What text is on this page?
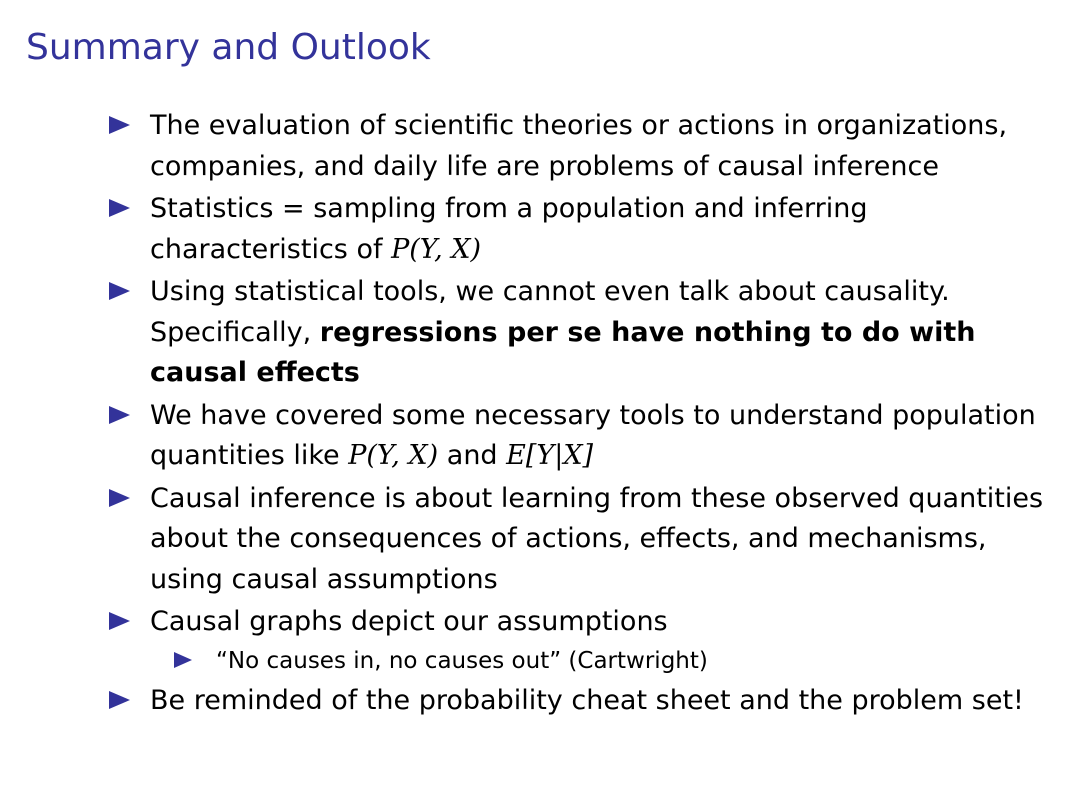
Summary and Outlook
The evaluation of scientific theories or actions in organizations, companies, and daily life are problems of causal inference
Statistics = sampling from a population and inferring characteristics of P(Y, X)
Using statistical tools, we cannot even talk about causality. Specifically, regressions per se have nothing to do with causal effects
We have covered some necessary tools to understand population quantities like P(Y, X) and E[Y|X]
Causal inference is about learning from these observed quantities about the consequences of actions, effects, and mechanisms, using causal assumptions
Causal graphs depict our assumptions
“No causes in, no causes out” (Cartwright)
Be reminded of the probability cheat sheet and the problem set!
